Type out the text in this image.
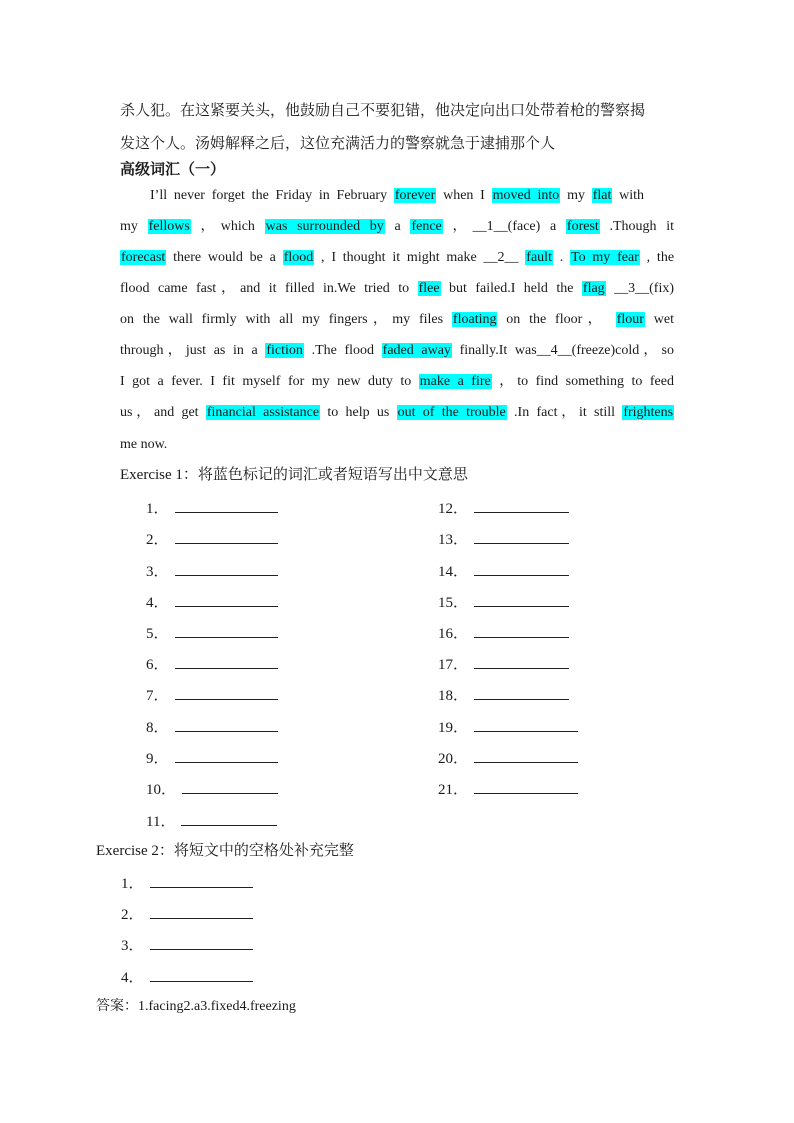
杀人犯。在这紧要关头，他鼓励自己不要犯错，他决定向出口处带着枪的警察揭
发这个人。汤姆解释之后，这位充满活力的警察就急于逮捕那个人
高级词汇（一）
I’ll never forget the Friday in February forever when I moved into my flat with
my fellows ，which was surrounded by a fence ，__1__(face) a forest .Though it
forecast there would be a flood , I thought it might make __2__ fault . To my fear , the
flood came fast，and it filled in.We tried to flee but failed.I held the flag __3__(fix)
on the wall firmly with all my fingers，my files floating on the floor， flour wet
through，just as in a fiction .The flood faded away finally.It was__4__(freeze)cold，so
I got a fever. I fit myself for my new duty to make a fire ，to find something to feed
us，and get financial assistance to help us out of the trouble .In fact，it still frightens
me now.
Exercise 1：将蓝色标记的词汇或者短语写出中文意思
1．
2．
3．
4．
5．
6．
7．
8．
9．
10．
11．
12．
13．
14．
15．
16．
17．
18．
19．
20．
21．
Exercise 2：将短文中的空格处补充完整
1．
2．
3．
4．
答案：1.facing2.a3.fixed4.freezing
